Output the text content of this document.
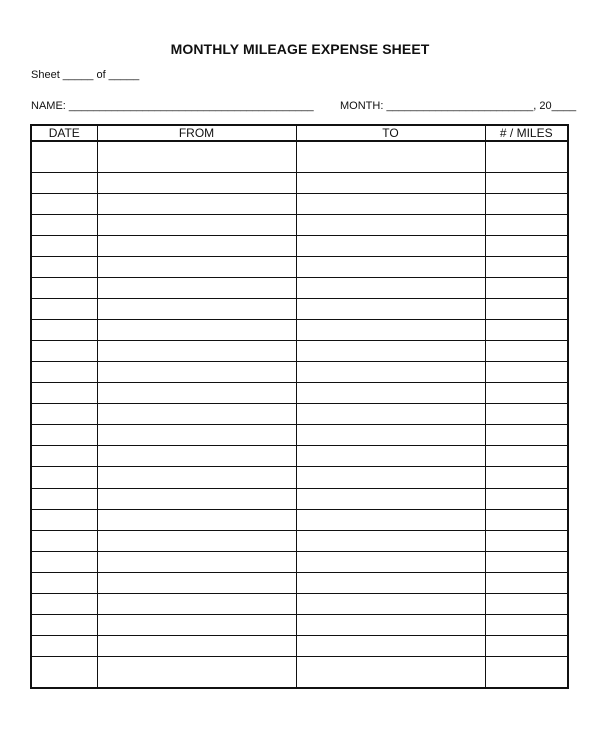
MONTHLY MILEAGE EXPENSE SHEET
Sheet _____ of _____
NAME: ________________________________________ MONTH: ________________________, 20____
DATE	FROM	TO	# / MILES
